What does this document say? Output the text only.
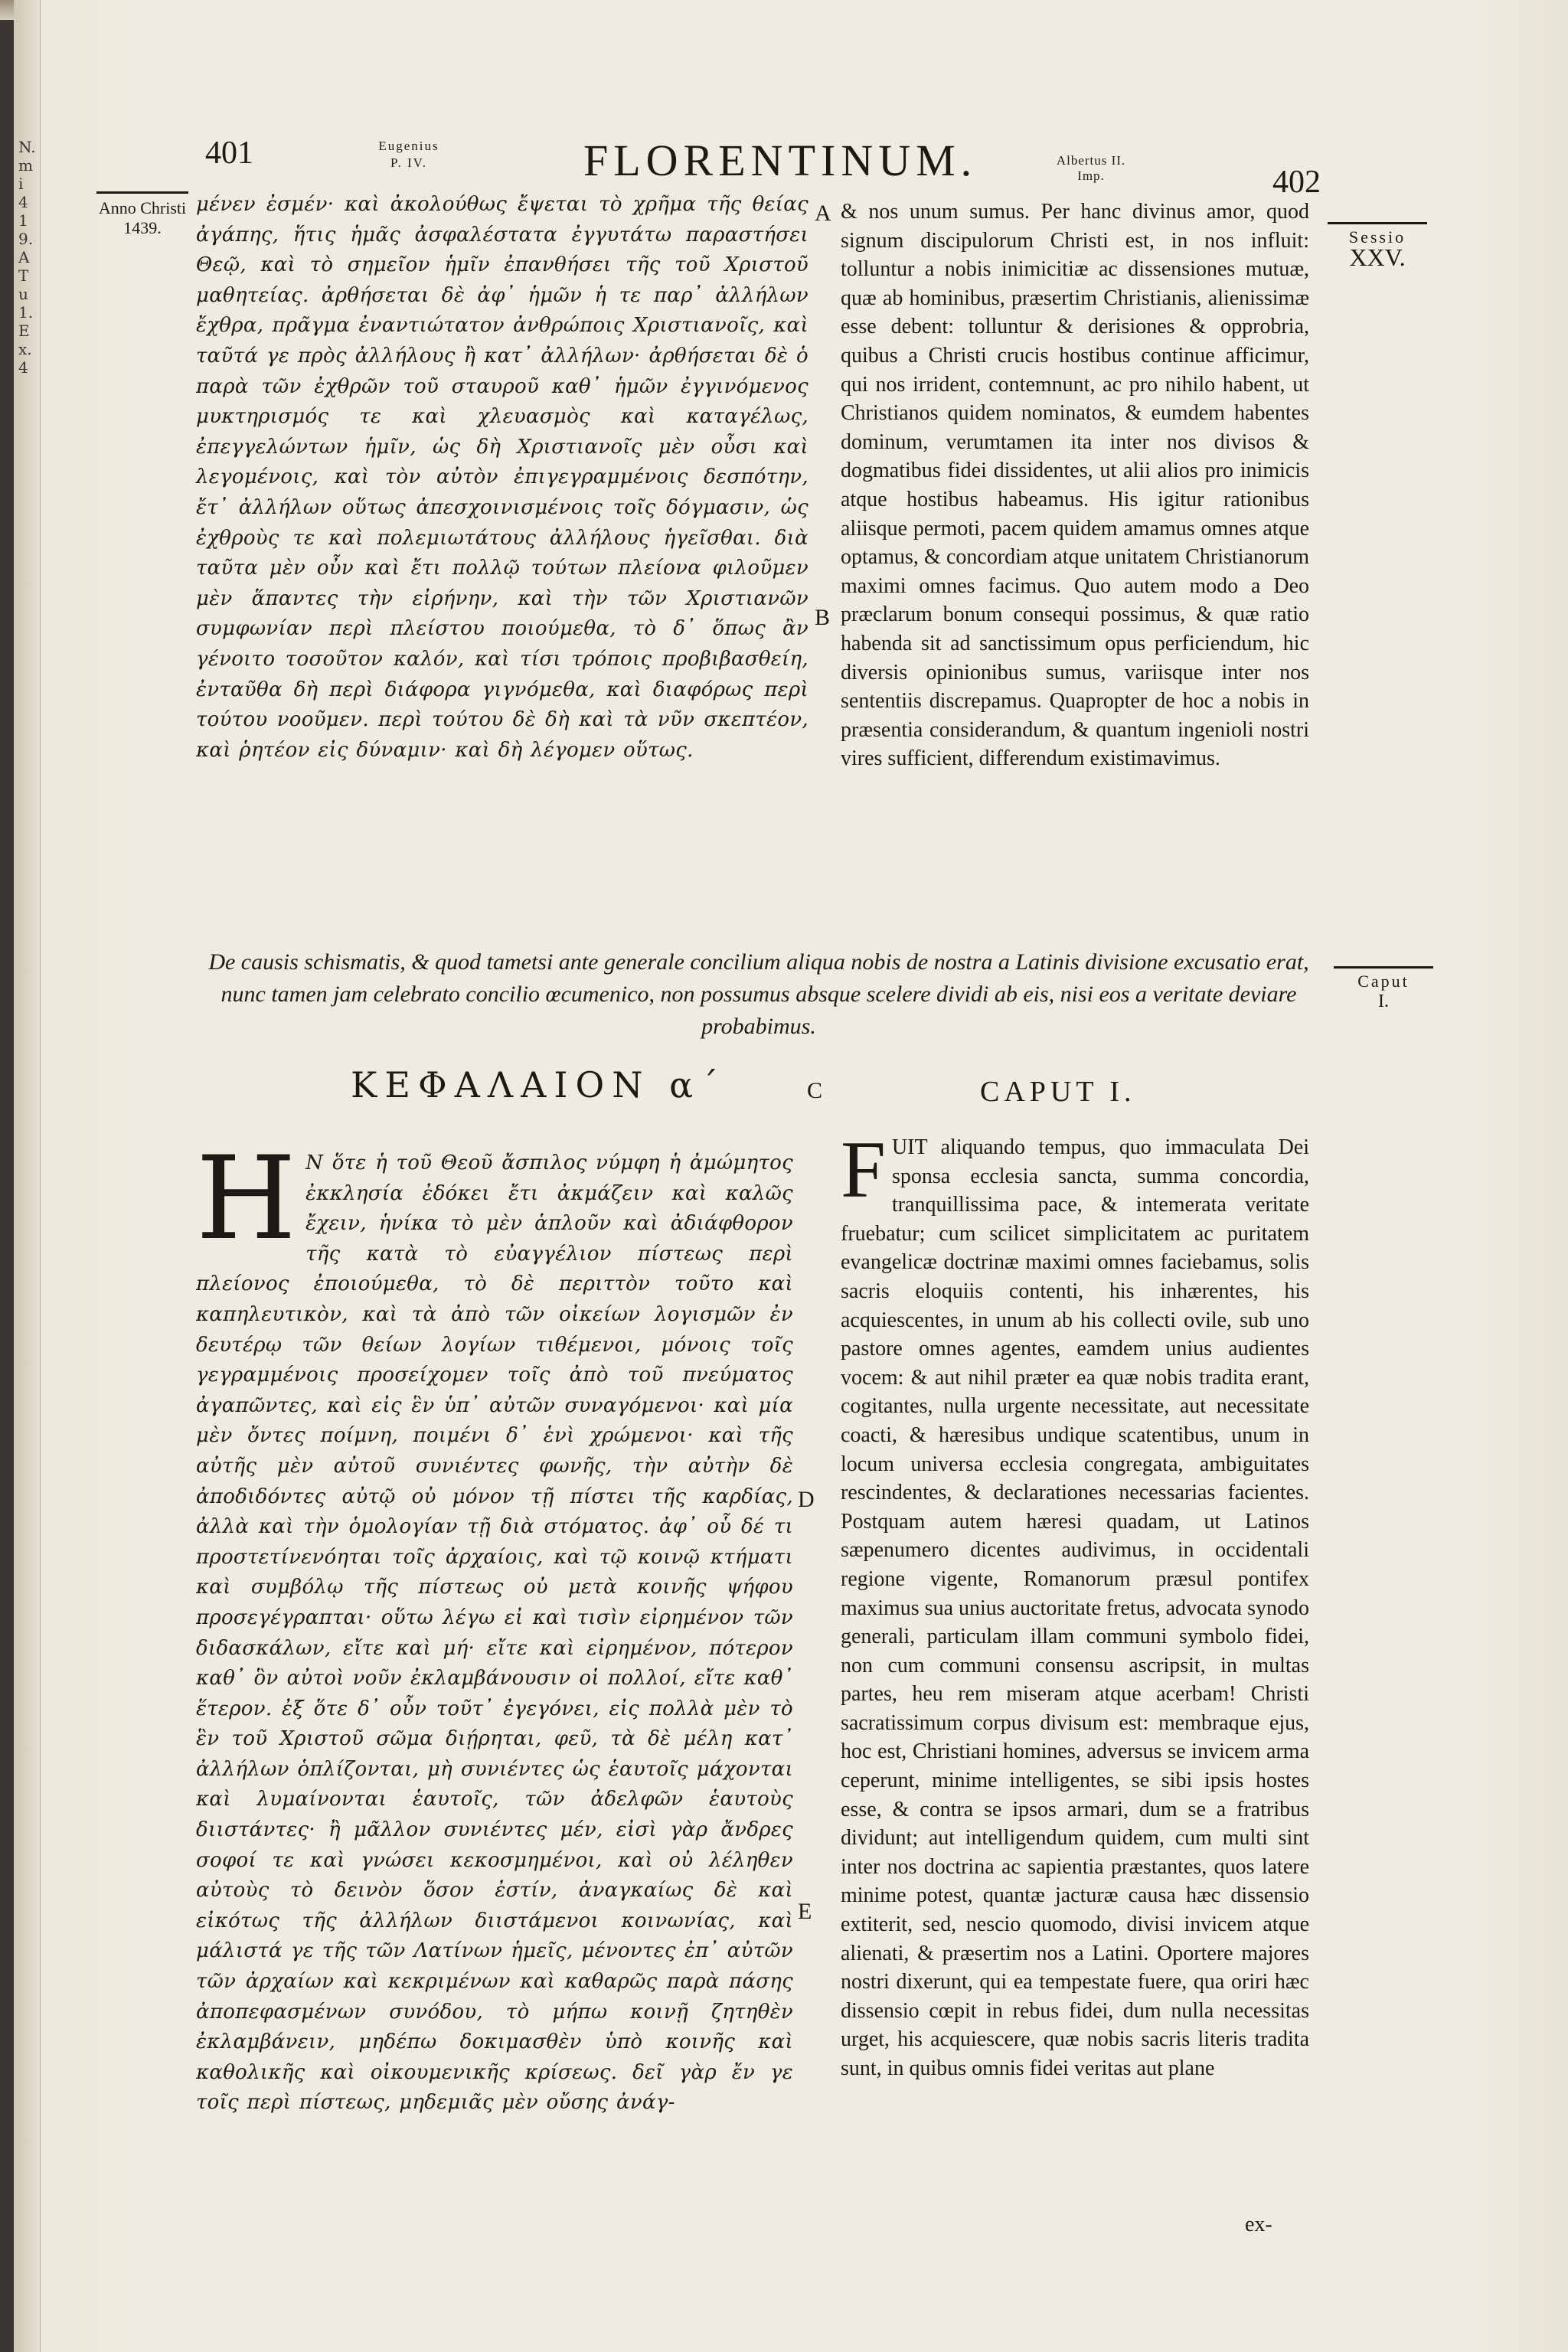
N. mi 419. A Tu 1. Ex. 4
401	Eugenius P. IV.	FLORENTINUM.	Albertus II. Imp.	402
Anno Christi 1439.	Sessio
XXV.
μένεν ἐσμέν· καὶ ἀκολούθως ἔψεται τὸ χρῆμα τῆς θείας ἀγάπης, ἥτις ἡμᾶς ἀσφαλέστατα ἐγγυτάτω παραστήσει Θεῷ, καὶ τὸ σημεῖον ἡμῖν ἐπανθήσει τῆς τοῦ Χριστοῦ μαθητείας. ἀρθήσεται δὲ ἀφ᾽ ἡμῶν ἡ τε παρ᾽ ἀλλήλων ἔχθρα, πρᾶγμα ἐναντιώτατον ἀνθρώποις Χριστιανοῖς, καὶ ταῦτά γε πρὸς ἀλλήλους ἢ κατ᾽ ἀλλήλων· ἀρθήσεται δὲ ὁ παρὰ τῶν ἐχθρῶν τοῦ σταυροῦ καθ᾽ ἡμῶν ἐγγινόμενος μυκτηρισμός τε καὶ χλευασμὸς καὶ καταγέλως, ἐπεγγελώντων ἡμῖν, ὡς δὴ Χριστιανοῖς μὲν οὖσι καὶ λεγομένοις, καὶ τὸν αὐτὸν ἐπιγεγραμμένοις δεσπότην, ἔτ᾽ ἀλλήλων οὕτως ἀπεσχοινισμένοις τοῖς δόγμασιν, ὡς ἐχθροὺς τε καὶ πολεμιωτάτους ἀλλήλους ἡγεῖσθαι. διὰ ταῦτα μὲν οὖν καὶ ἔτι πολλῷ τούτων πλείονα φιλοῦμεν μὲν ἅπαντες τὴν εἰρήνην, καὶ τὴν τῶν Χριστιανῶν συμφωνίαν περὶ πλείστου ποιούμεθα, τὸ δ᾽ ὅπως ἂν γένοιτο τοσοῦτον καλόν, καὶ τίσι τρόποις προβιβασθείη, ἐνταῦθα δὴ περὶ διάφορα γιγνόμεθα, καὶ διαφόρως περὶ τούτου νοοῦμεν. περὶ τούτου δὲ δὴ καὶ τὰ νῦν σκεπτέον, καὶ ῥητέον εἰς δύναμιν· καὶ δὴ λέγομεν οὕτως.
A
B
& nos unum sumus. Per hanc divinus amor, quod signum discipulorum Christi est, in nos influit: tolluntur a nobis inimicitiæ ac dissensiones mutuæ, quæ ab hominibus, præsertim Christianis, alienissimæ esse debent: tolluntur & derisiones & opprobria, quibus a Christi crucis hostibus continue afficimur, qui nos irrident, contemnunt, ac pro nihilo habent, ut Christianos quidem nominatos, & eumdem habentes dominum, verumtamen ita inter nos divisos & dogmatibus fidei dissidentes, ut alii alios pro inimicis atque hostibus habeamus. His igitur rationibus aliisque permoti, pacem quidem amamus omnes atque optamus, & concordiam atque unitatem Christianorum maximi omnes facimus. Quo autem modo a Deo præclarum bonum consequi possimus, & quæ ratio habenda sit ad sanctissimum opus perficiendum, hic diversis opinionibus sumus, variisque inter nos sententiis discrepamus. Quapropter de hoc a nobis in præsentia considerandum, & quantum ingenioli nostri vires sufficient, differendum existimavimus.
De causis schismatis, & quod tametsi ante generale concilium aliqua nobis de nostra a Latinis divisione excusatio erat, nunc tamen jam celebrato concilio œcumenico, non possumus absque scelere dividi ab eis, nisi eos a veritate deviare probabimus.
Caput
I.
ΚΕΦΑΛΑΙΟΝ α΄	C	CAPUT I.
Η Ν ὅτε ἡ τοῦ Θεοῦ ἄσπιλος νύμφη ἡ ἀμώμητος ἐκκλησία ἐδόκει ἔτι ἀκμάζειν καὶ καλῶς ἔχειν, ἡνίκα τὸ μὲν ἁπλοῦν καὶ ἀδιάφθορον τῆς κατὰ τὸ εὐαγγέλιον πίστεως περὶ πλείονος ἐποιούμεθα, τὸ δὲ περιττὸν τοῦτο καὶ καπηλευτικὸν, καὶ τὰ ἀπὸ τῶν οἰκείων λογισμῶν ἐν δευτέρῳ τῶν θείων λογίων τιθέμενοι, μόνοις τοῖς γεγραμμένοις προσείχομεν τοῖς ἀπὸ τοῦ πνεύματος ἀγαπῶντες, καὶ εἰς ἓν ὑπ᾽ αὐτῶν συναγόμενοι· καὶ μία μὲν ὄντες ποίμνη, ποιμένι δ᾽ ἑνὶ χρώμενοι· καὶ τῆς αὐτῆς μὲν αὐτοῦ συνιέντες φωνῆς, τὴν αὐτὴν δὲ ἀποδιδόντες αὐτῷ οὐ μόνον τῇ πίστει τῆς καρδίας, ἀλλὰ καὶ τὴν ὁμολογίαν τῇ διὰ στόματος. ἀφ᾽ οὗ δέ τι προστετίνενόηται τοῖς ἀρχαίοις, καὶ τῷ κοινῷ κτήματι καὶ συμβόλῳ τῆς πίστεως οὐ μετὰ κοινῆς ψήφου προσεγέγραπται· οὕτω λέγω εἰ καὶ τισὶν εἰρημένον τῶν διδασκάλων, εἴτε καὶ μή· εἴτε καὶ εἰρημένον, πότερον καθ᾽ ὃν αὐτοὶ νοῦν ἐκλαμβάνουσιν οἱ πολλοί, εἴτε καθ᾽ ἕτερον. ἐξ ὅτε δ᾽ οὖν τοῦτ᾽ ἐγεγόνει, εἰς πολλὰ μὲν τὸ ἓν τοῦ Χριστοῦ σῶμα διῄρηται, φεῦ, τὰ δὲ μέλη κατ᾽ ἀλλήλων ὁπλίζονται, μὴ συνιέντες ὡς ἑαυτοῖς μάχονται καὶ λυμαίνονται ἑαυτοῖς, τῶν ἀδελφῶν ἑαυτοὺς διιστάντες· ἢ μᾶλλον συνιέντες μέν, εἰσὶ γὰρ ἄνδρες σοφοί τε καὶ γνώσει κεκοσμημένοι, καὶ οὐ λέληθεν αὐτοὺς τὸ δεινὸν ὅσον ἐστίν, ἀναγκαίως δὲ καὶ εἰκότως τῆς ἀλλήλων διιστάμενοι κοινωνίας, καὶ μάλιστά γε τῆς τῶν Λατίνων ἡμεῖς, μένοντες ἐπ᾽ αὐτῶν τῶν ἀρχαίων καὶ κεκριμένων καὶ καθαρῶς παρὰ πάσης ἀποπεφασμένων συνόδου, τὸ μήπω κοινῇ ζητηθὲν ἐκλαμβάνειν, μηδέπω δοκιμασθὲν ὑπὸ κοινῆς καὶ καθολικῆς καὶ οἰκουμενικῆς κρίσεως. δεῖ γὰρ ἔν γε τοῖς περὶ πίστεως, μηδεμιᾶς μὲν οὔσης ἀνάγ-
D
E
FUIT aliquando tempus, quo immaculata Dei sponsa ecclesia sancta, summa concordia, tranquillissima pace, & intemerata veritate fruebatur; cum scilicet simplicitatem ac puritatem evangelicæ doctrinæ maximi omnes faciebamus, solis sacris eloquiis contenti, his inhærentes, his acquiescentes, in unum ab his collecti ovile, sub uno pastore omnes agentes, eamdem unius audientes vocem: & aut nihil præter ea quæ nobis tradita erant, cogitantes, nulla urgente necessitate, aut necessitate coacti, & hæresibus undique scatentibus, unum in locum universa ecclesia congregata, ambiguitates rescindentes, & declarationes necessarias facientes. Postquam autem hæresi quadam, ut Latinos sæpenumero dicentes audivimus, in occidentali regione vigente, Romanorum præsul pontifex maximus sua unius auctoritate fretus, advocata synodo generali, particulam illam communi symbolo fidei, non cum communi consensu ascripsit, in multas partes, heu rem miseram atque acerbam! Christi sacratissimum corpus divisum est: membraque ejus, hoc est, Christiani homines, adversus se invicem arma ceperunt, minime intelligentes, se sibi ipsis hostes esse, & contra se ipsos armari, dum se a fratribus dividunt; aut intelligendum quidem, cum multi sint inter nos doctrina ac sapientia præstantes, quos latere minime potest, quantæ jacturæ causa hæc dissensio extiterit, sed, nescio quomodo, divisi invicem atque alienati, & præsertim nos a Latini. Oportere majores nostri dixerunt, qui ea tempestate fuere, qua oriri hæc dissensio cœpit in rebus fidei, dum nulla necessitas urget, his acquiescere, quæ nobis sacris literis tradita sunt, in quibus omnis fidei veritas aut plane
ex-
